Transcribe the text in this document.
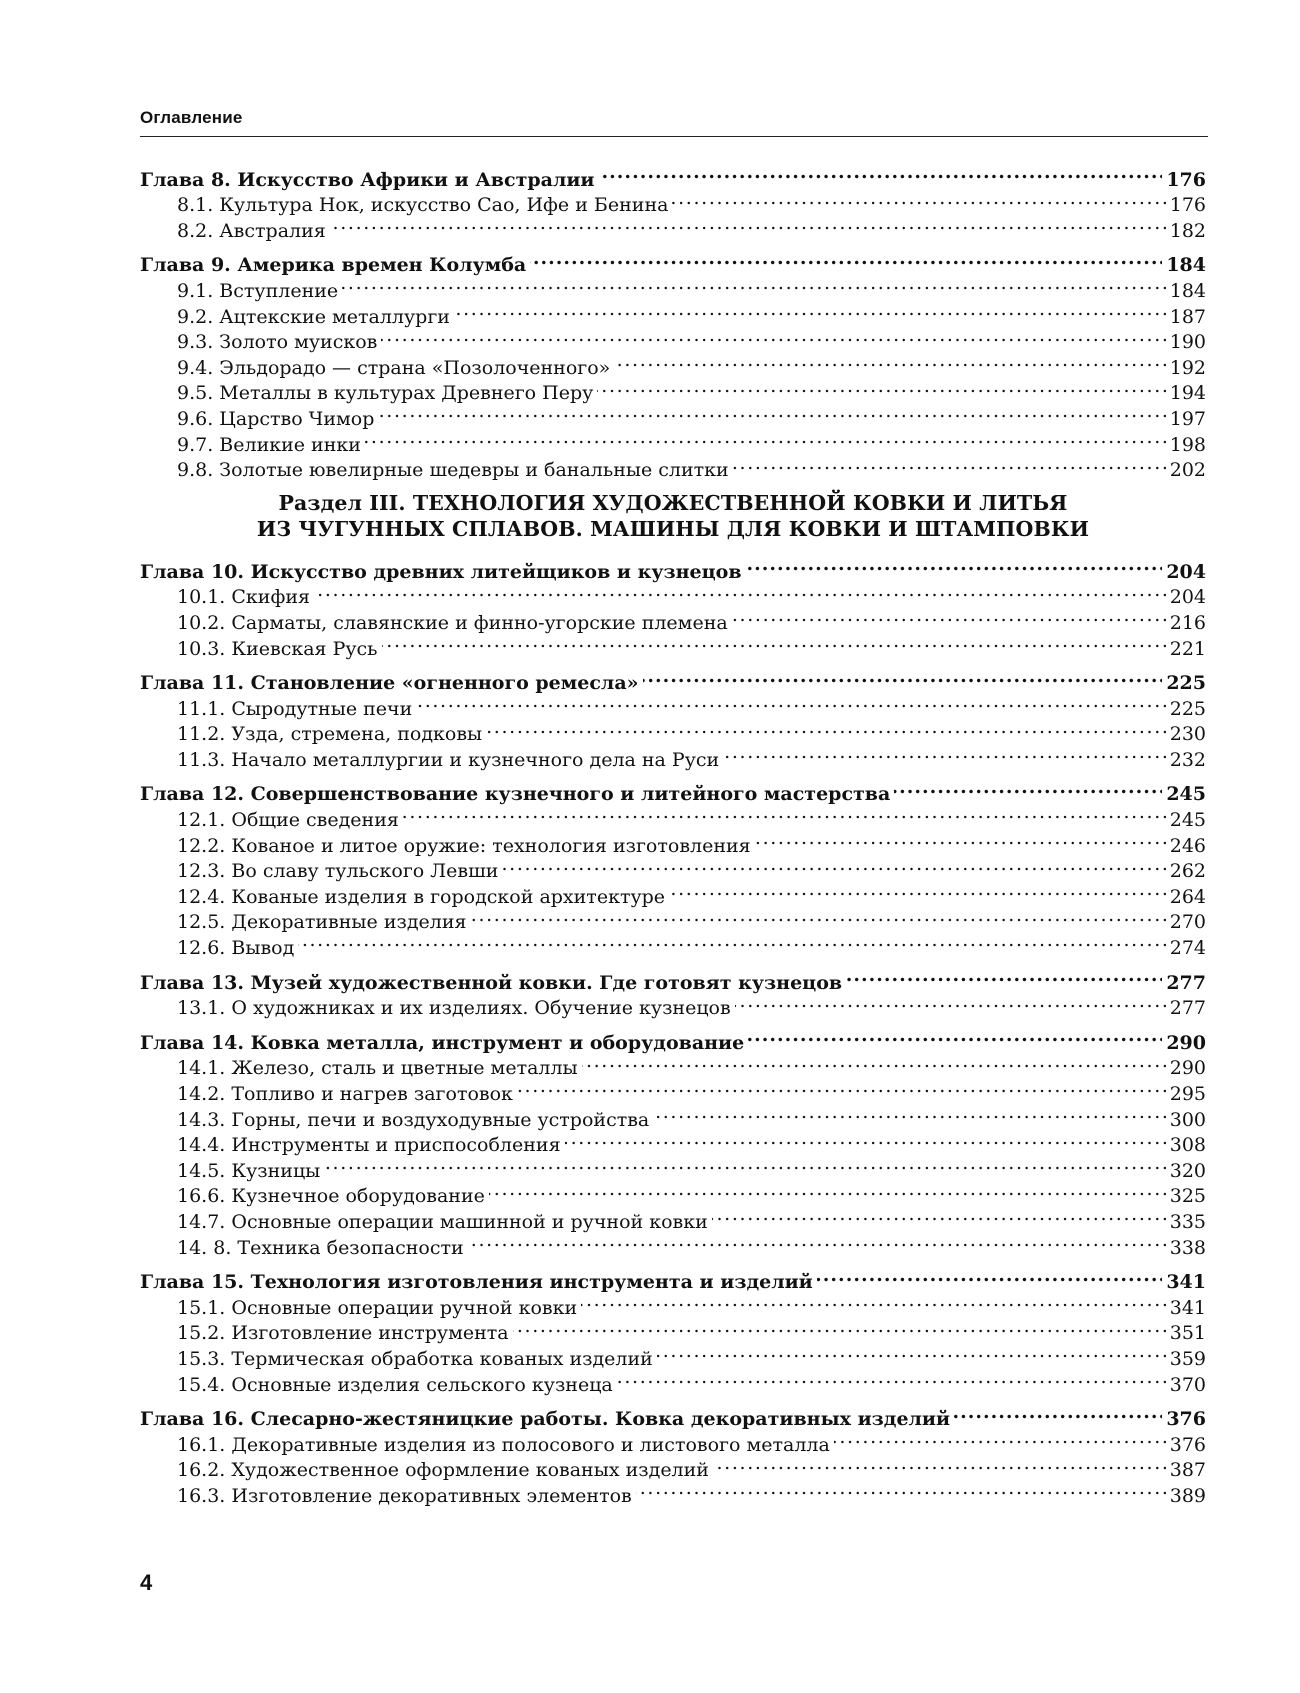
Оглавление
Глава 8. Искусство Африки и Австралии . . .	176
8.1. Культура Нок, искусство Сао, Ифе и Бенина . . .	176
8.2. Австралия . . .	182
Глава 9. Америка времен Колумба . . .	184
9.1. Вступление . . .	184
9.2. Ацтекские металлурги . . .	187
9.3. Золото муисков . . .	190
9.4. Эльдорадо — страна «Позолоченного» . . .	192
9.5. Металлы в культурах Древнего Перу . . .	194
9.6. Царство Чимор . . .	197
9.7. Великие инки . . .	198
9.8. Золотые ювелирные шедевры и банальные слитки . . .	202
Раздел III. ТЕХНОЛОГИЯ ХУДОЖЕСТВЕННОЙ КОВКИ И ЛИТЬЯ
ИЗ ЧУГУННЫХ СПЛАВОВ. МАШИНЫ ДЛЯ КОВКИ И ШТАМПОВКИ
Глава 10. Искусство древних литейщиков и кузнецов . . .	204
10.1. Скифия . . .	204
10.2. Сарматы, славянские и финно-угорские племена . . .	216
10.3. Киевская Русь . . .	221
Глава 11. Становление «огненного ремесла» . . .	225
11.1. Сыродутные печи . . .	225
11.2. Узда, стремена, подковы . . .	230
11.3. Начало металлургии и кузнечного дела на Руси . . .	232
Глава 12. Совершенствование кузнечного и литейного мастерства . . .	245
12.1. Общие сведения . . .	245
12.2. Кованое и литое оружие: технология изготовления . . .	246
12.3. Во славу тульского Левши . . .	262
12.4. Кованые изделия в городской архитектуре . . .	264
12.5. Декоративные изделия . . .	270
12.6. Вывод . . .	274
Глава 13. Музей художественной ковки. Где готовят кузнецов . . .	277
13.1. О художниках и их изделиях. Обучение кузнецов . . .	277
Глава 14. Ковка металла, инструмент и оборудование . . .	290
14.1. Железо, сталь и цветные металлы . . .	290
14.2. Топливо и нагрев заготовок . . .	295
14.3. Горны, печи и воздуходувные устройства . . .	300
14.4. Инструменты и приспособления . . .	308
14.5. Кузницы . . .	320
16.6. Кузнечное оборудование . . .	325
14.7. Основные операции машинной и ручной ковки . . .	335
14. 8. Техника безопасности . . .	338
Глава 15. Технология изготовления инструмента и изделий . . .	341
15.1. Основные операции ручной ковки . . .	341
15.2. Изготовление инструмента . . .	351
15.3. Термическая обработка кованых изделий . . .	359
15.4. Основные изделия сельского кузнеца . . .	370
Глава 16. Слесарно-жестяницкие работы. Ковка декоративных изделий . . .	376
16.1. Декоративные изделия из полосового и листового металла . . .	376
16.2. Художественное оформление кованых изделий . . .	387
16.3. Изготовление декоративных элементов . . .	389
4
